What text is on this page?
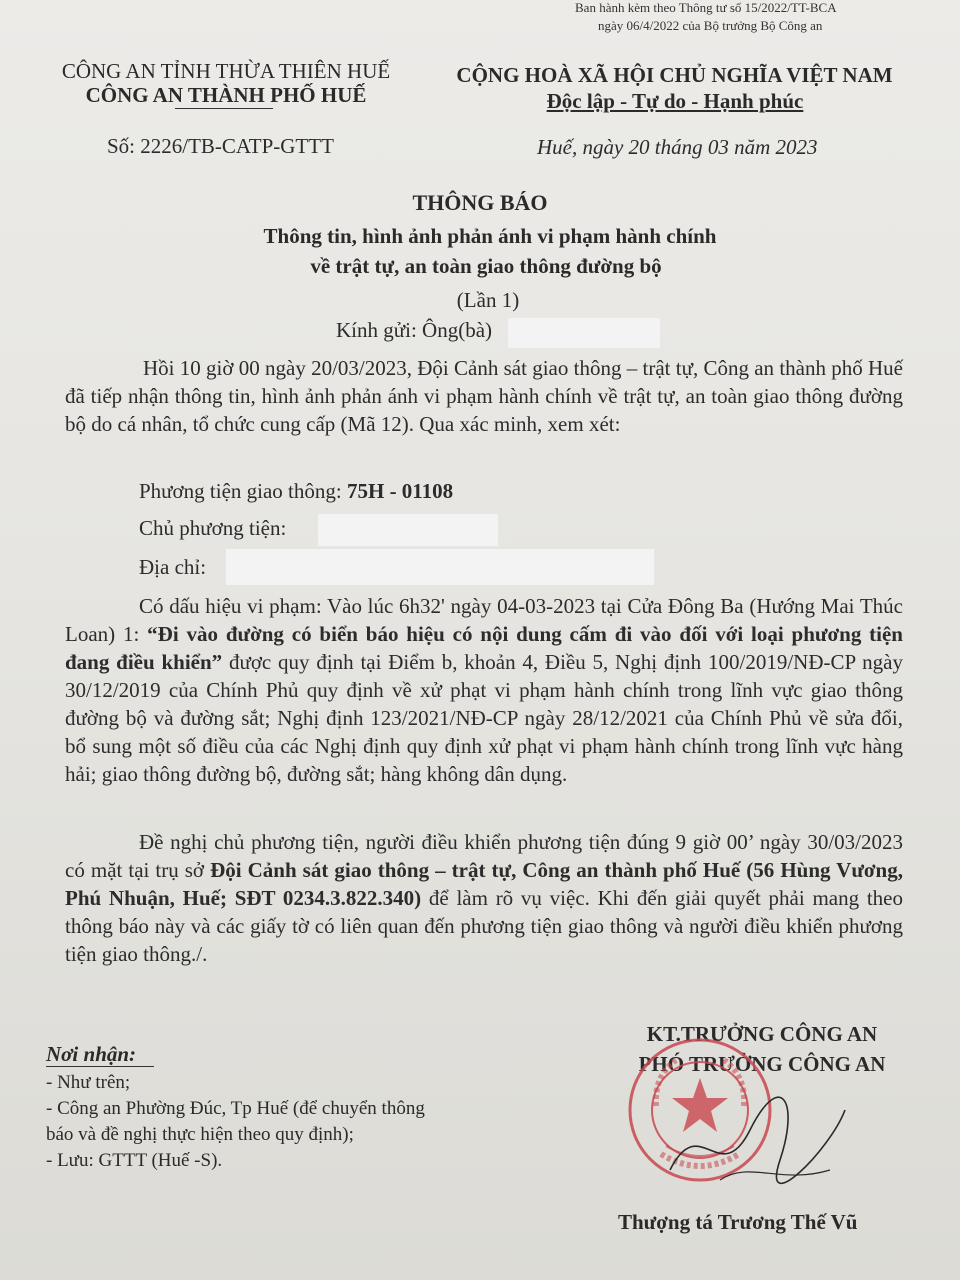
Ban hành kèm theo Thông tư số 15/2022/TT-BCA
ngày 06/4/2022 của Bộ trưởng Bộ Công an
CÔNG AN TỈNH THỪA THIÊN HUẾ
CÔNG AN THÀNH PHỐ HUẾ
CỘNG HOÀ XÃ HỘI CHỦ NGHĨA VIỆT NAM
Độc lập - Tự do - Hạnh phúc
Số: 2226/TB-CATP-GTTT	Huế, ngày 20 tháng 03 năm 2023
THÔNG BÁO
Thông tin, hình ảnh phản ánh vi phạm hành chính
về trật tự, an toàn giao thông đường bộ
(Lần 1)
Kính gửi: Ông(bà)
Hồi 10 giờ 00 ngày 20/03/2023, Đội Cảnh sát giao thông – trật tự, Công an thành phố Huế đã tiếp nhận thông tin, hình ảnh phản ánh vi phạm hành chính về trật tự, an toàn giao thông đường bộ do cá nhân, tổ chức cung cấp (Mã 12). Qua xác minh, xem xét:
Phương tiện giao thông: 75H - 01108
Chủ phương tiện:
Địa chỉ:
Có dấu hiệu vi phạm: Vào lúc 6h32' ngày 04-03-2023 tại Cửa Đông Ba (Hướng Mai Thúc Loan) 1: “Đi vào đường có biển báo hiệu có nội dung cấm đi vào đối với loại phương tiện đang điều khiển” được quy định tại Điểm b, khoản 4, Điều 5, Nghị định 100/2019/NĐ-CP ngày 30/12/2019 của Chính Phủ quy định về xử phạt vi phạm hành chính trong lĩnh vực giao thông đường bộ và đường sắt; Nghị định 123/2021/NĐ-CP ngày 28/12/2021 của Chính Phủ về sửa đổi, bổ sung một số điều của các Nghị định quy định xử phạt vi phạm hành chính trong lĩnh vực hàng hải; giao thông đường bộ, đường sắt; hàng không dân dụng.
Đề nghị chủ phương tiện, người điều khiển phương tiện đúng 9 giờ 00’ ngày 30/03/2023 có mặt tại trụ sở Đội Cảnh sát giao thông – trật tự, Công an thành phố Huế (56 Hùng Vương, Phú Nhuận, Huế; SĐT 0234.3.822.340) để làm rõ vụ việc. Khi đến giải quyết phải mang theo thông báo này và các giấy tờ có liên quan đến phương tiện giao thông và người điều khiển phương tiện giao thông./.
Nơi nhận:
- Như trên;
- Công an Phường Đúc, Tp Huế (để chuyển thông
báo và đề nghị thực hiện theo quy định);
- Lưu: GTTT (Huế -S).
KT.TRƯỞNG CÔNG AN
PHÓ TRƯỞNG CÔNG AN
Thượng tá Trương Thế Vũ
